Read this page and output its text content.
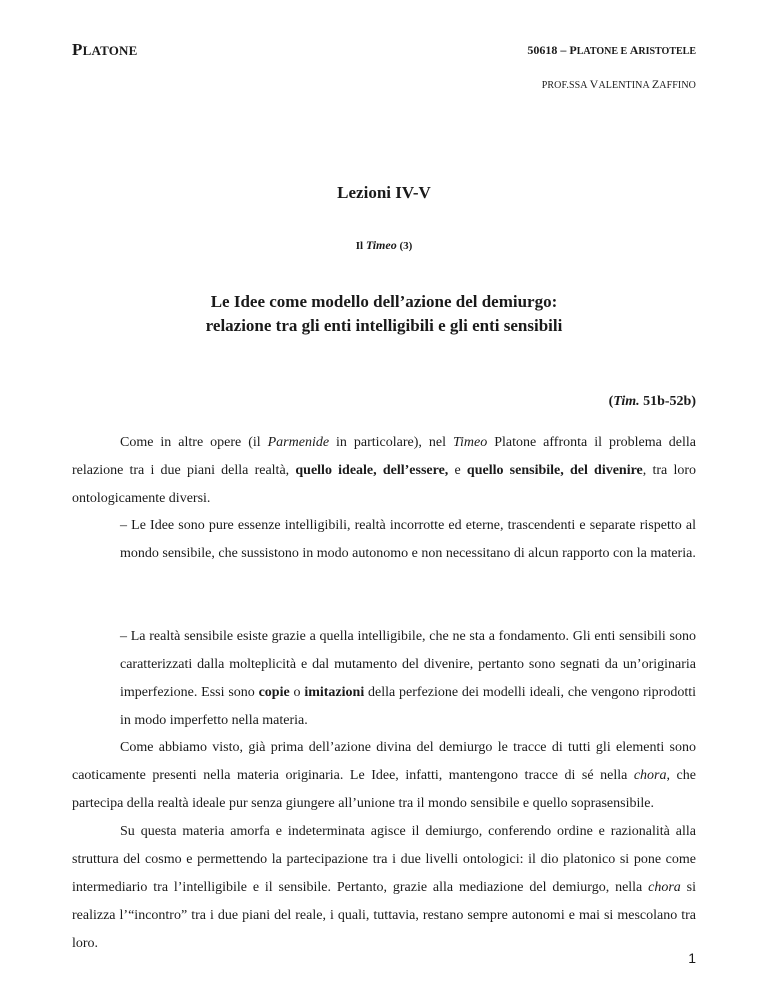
PLATONE	50618 – PLATONE E ARISTOTELE
PROF.SSA VALENTINA ZAFFINO
Lezioni IV-V
Il Timeo (3)
Le Idee come modello dell’azione del demiurgo:
relazione tra gli enti intelligibili e gli enti sensibili
(Tim. 51b-52b)

Come in altre opere (il Parmenide in particolare), nel Timeo Platone affronta il problema della relazione tra i due piani della realtà, quello ideale, dell’essere, e quello sensibile, del divenire, tra loro ontologicamente diversi.

– Le Idee sono pure essenze intelligibili, realtà incorrotte ed eterne, trascendenti e separate rispetto al mondo sensibile, che sussistono in modo autonomo e non necessitano di alcun rapporto con la materia.

– La realtà sensibile esiste grazie a quella intelligibile, che ne sta a fondamento. Gli enti sensibili sono caratterizzati dalla molteplicità e dal mutamento del divenire, pertanto sono segnati da un’originaria imperfezione. Essi sono copie o imitazioni della perfezione dei modelli ideali, che vengono riprodotti in modo imperfetto nella materia.

Come abbiamo visto, già prima dell’azione divina del demiurgo le tracce di tutti gli elementi sono caoticamente presenti nella materia originaria. Le Idee, infatti, mantengono tracce di sé nella chora, che partecipa della realtà ideale pur senza giungere all’unione tra il mondo sensibile e quello soprasensibile.

Su questa materia amorfa e indeterminata agisce il demiurgo, conferendo ordine e razionalità alla struttura del cosmo e permettendo la partecipazione tra i due livelli ontologici: il dio platonico si pone come intermediario tra l’intelligibile e il sensibile. Pertanto, grazie alla mediazione del demiurgo, nella chora si realizza l’“incontro” tra i due piani del reale, i quali, tuttavia, restano sempre autonomi e mai si mescolano tra loro.

1
